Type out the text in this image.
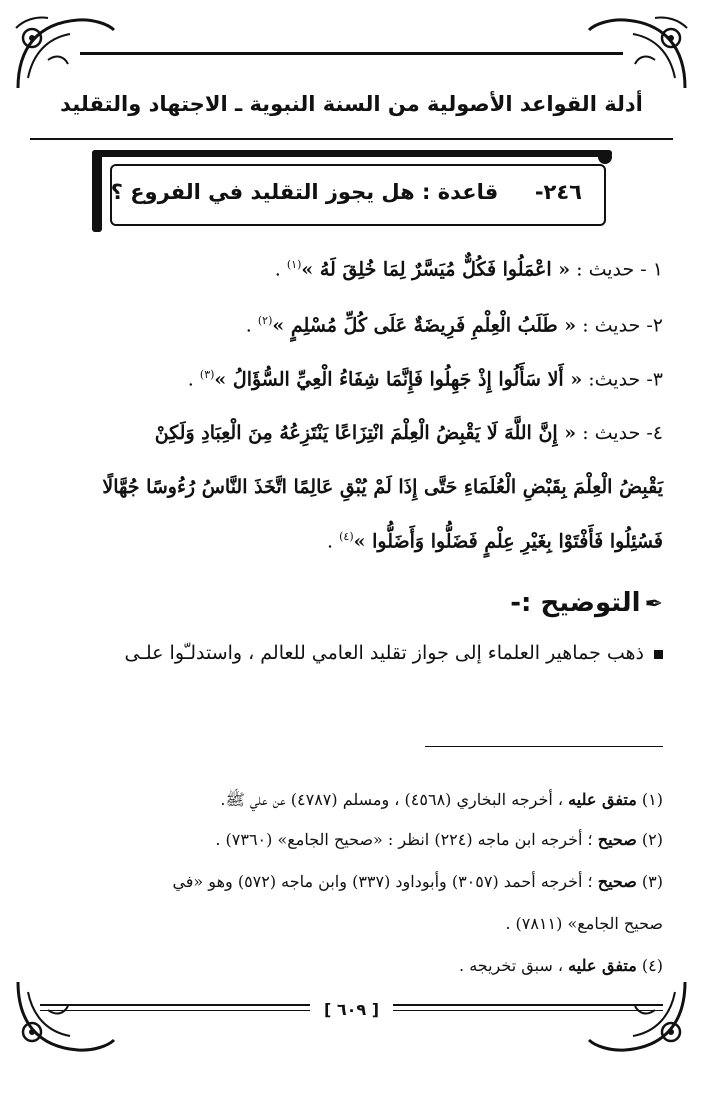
أدلة القواعد الأصولية من السنة النبوية ـ الاجتهاد والتقليد
٢٤٦-     قاعدة : هل يجوز التقليد في الفروع ؟
١ - حديث : « اعْمَلُوا فَكُلٌّ مُيَسَّرٌ لِمَا خُلِقَ لَهُ »$^{(١)}$ .
٢- حديث : « طَلَبُ الْعِلْمِ فَرِيضَةٌ عَلَى كُلِّ مُسْلِمٍ »$^{(٢)}$ .
٣- حديث: « أَلا سَأَلُوا إِذْ جَهِلُوا فَإِنَّمَا شِفَاءُ الْعِيِّ السُّؤَالُ »$^{(٣)}$ .
٤- حديث : « إِنَّ اللَّهَ لَا يَقْبِضُ الْعِلْمَ انْتِزَاعًا يَنْتَزِعُهُ مِنَ الْعِبَادِ وَلَكِنْ
يَقْبِضُ الْعِلْمَ بِقَبْضِ الْعُلَمَاءِ حَتَّى إِذَا لَمْ يُبْقِ عَالِمًا اتَّخَذَ النَّاسُ رُءُوسًا جُهَّالًا
فَسُئِلُوا فَأَفْتَوْا بِغَيْرِ عِلْمٍ فَضَلُّوا وَأَضَلُّوا »$^{(٤)}$ .
✒التوضيح :-
ذهب جماهير العلماء إلى جواز تقليد العامي للعالم ، واستدلـّوا علـى
(١) متفق عليه ، أخرجه البخاري (٤٥٦٨) ، ومسلم (٤٧٨٧) عن علي ﷺ.
(٢) صحيح ؛ أخرجه ابن ماجه (٢٢٤) انظر : «صحيح الجامع» (٧٣٦٠) .
(٣) صحيح ؛ أخرجه أحمد (٣٠٥٧) وأبوداود (٣٣٧) وابن ماجه (٥٧٢) وهو «في
صحيح الجامع» (٧٨١١) .
(٤) متفق عليه ، سبق تخريجه .
[ ٦٠٩ ]
